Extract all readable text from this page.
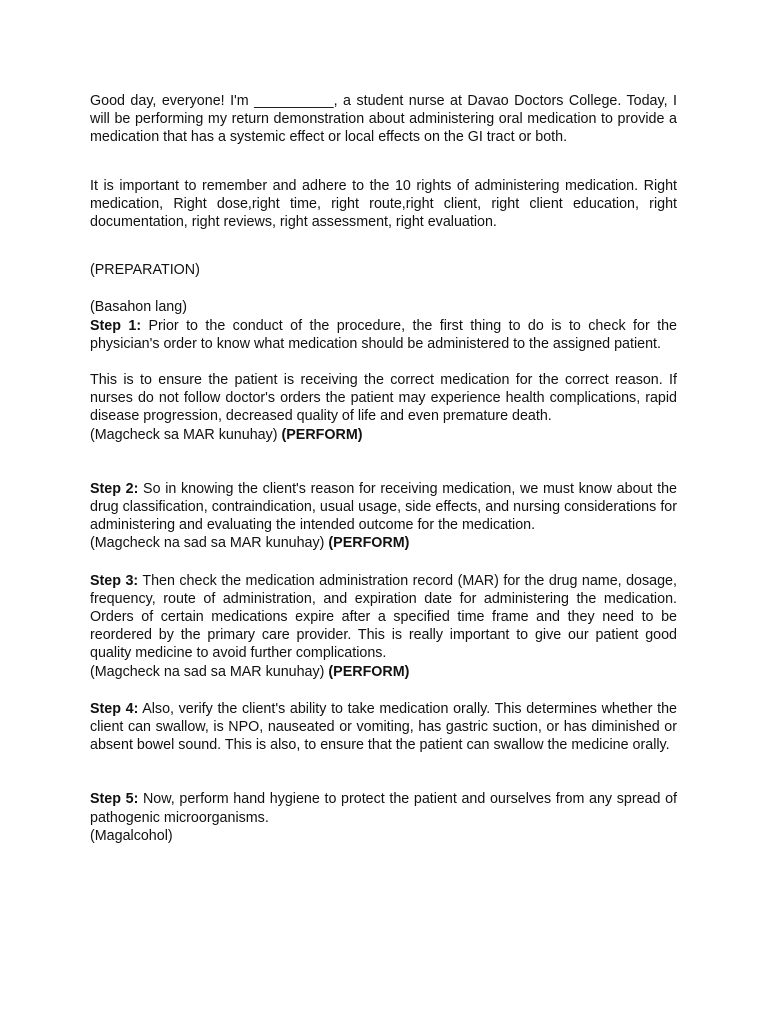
Good day, everyone! I'm __________, a student nurse at Davao Doctors College. Today, I will be performing my return demonstration about administering oral medication to provide a medication that has a systemic effect or local effects on the GI tract or both.

It is important to remember and adhere to the 10 rights of administering medication. Right medication, Right dose,right time, right route,right client, right client education, right documentation, right reviews, right assessment, right evaluation.

(PREPARATION)

(Basahon lang)

Step 1: Prior to the conduct of the procedure, the first thing to do is to check for the physician's order to know what medication should be administered to the assigned patient.

This is to ensure the patient is receiving the correct medication for the correct reason. If nurses do not follow doctor's orders the patient may experience health complications, rapid disease progression, decreased quality of life and even premature death.

(Magcheck sa MAR kunuhay) (PERFORM)

Step 2: So in knowing the client's reason for receiving medication, we must know about the drug classification, contraindication, usual usage, side effects, and nursing considerations for administering and evaluating the intended outcome for the medication.

(Magcheck na sad sa MAR kunuhay) (PERFORM)

Step 3: Then check the medication administration record (MAR) for the drug name, dosage, frequency, route of administration, and expiration date for administering the medication. Orders of certain medications expire after a specified time frame and they need to be reordered by the primary care provider. This is really important to give our patient good quality medicine to avoid further complications.

(Magcheck na sad sa MAR kunuhay) (PERFORM)

Step 4: Also, verify the client's ability to take medication orally. This determines whether the client can swallow, is NPO, nauseated or vomiting, has gastric suction, or has diminished or absent bowel sound. This is also, to ensure that the patient can swallow the medicine orally.

Step 5: Now, perform hand hygiene to protect the patient and ourselves from any spread of pathogenic microorganisms.

(Magalcohol)
